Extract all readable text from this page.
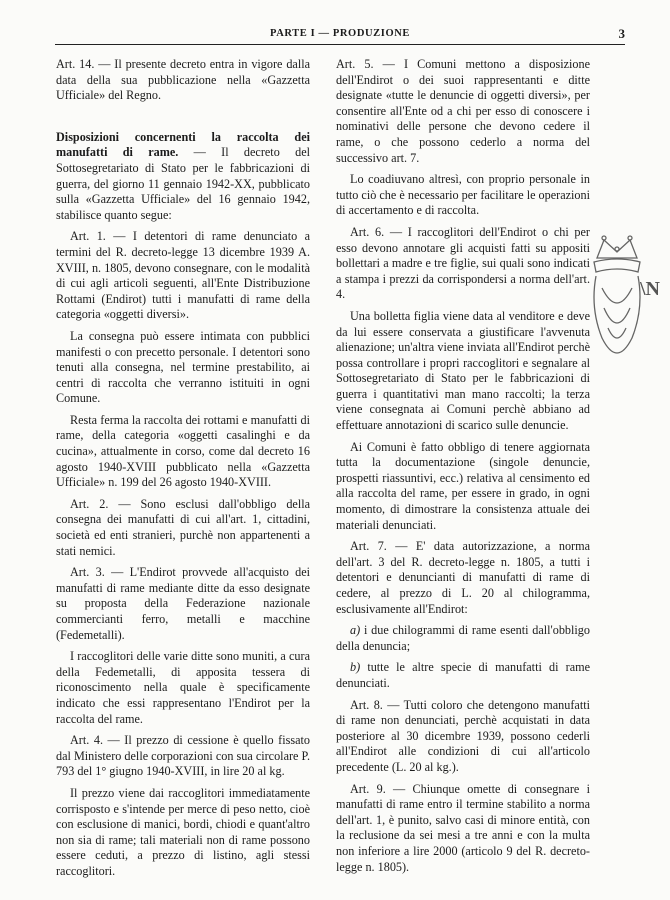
PARTE I — PRODUZIONE	3

Art. 14. — Il presente decreto entra in vigore dalla data della sua pubblicazione nella «Gazzetta Ufficiale» del Regno.

Disposizioni concernenti la raccolta dei manufatti di rame. — Il decreto del Sottosegretariato di Stato per le fabbricazioni di guerra, del giorno 11 gennaio 1942-XX, pubblicato sulla «Gazzetta Ufficiale» del 16 gennaio 1942, stabilisce quanto segue:

Art. 1. — I detentori di rame denunciato a termini del R. decreto-legge 13 dicembre 1939 A. XVIII, n. 1805, devono consegnare, con le modalità di cui agli articoli seguenti, all'Ente Distribuzione Rottami (Endirot) tutti i manufatti di rame della categoria «oggetti diversi».

La consegna può essere intimata con pubblici manifesti o con precetto personale. I detentori sono tenuti alla consegna, nel termine prestabilito, ai centri di raccolta che verranno istituiti in ogni Comune.

Resta ferma la raccolta dei rottami e manufatti di rame, della categoria «oggetti casalinghi e da cucina», attualmente in corso, come dal decreto 16 agosto 1940-XVIII pubblicato nella «Gazzetta Ufficiale» n. 199 del 26 agosto 1940-XVIII.

Art. 2. — Sono esclusi dall'obbligo della consegna dei manufatti di cui all'art. 1, cittadini, società ed enti stranieri, purchè non appartenenti a stati nemici.

Art. 3. — L'Endirot provvede all'acquisto dei manufatti di rame mediante ditte da esso designate su proposta della Federazione nazionale commercianti ferro, metalli e macchine (Fedemetalli).

I raccoglitori delle varie ditte sono muniti, a cura della Fedemetalli, di apposita tessera di riconoscimento nella quale è specificamente indicato che essi rappresentano l'Endirot per la raccolta del rame.

Art. 4. — Il prezzo di cessione è quello fissato dal Ministero delle corporazioni con sua circolare P. 793 del 1° giugno 1940-XVIII, in lire 20 al kg.

Il prezzo viene dai raccoglitori immediatamente corrisposto e s'intende per merce di peso netto, cioè con esclusione di manici, bordi, chiodi e quant'altro non sia di rame; tali materiali non di rame possono essere ceduti, a prezzo di listino, agli stessi raccoglitori.

Art. 5. — I Comuni mettono a disposizione dell'Endirot o dei suoi rappresentanti e ditte designate «tutte le denuncie di oggetti diversi», per consentire all'Ente od a chi per esso di conoscere i nominativi delle persone che devono cedere il rame, o che possono cederlo a norma del successivo art. 7.

Lo coadiuvano altresì, con proprio personale in tutto ciò che è necessario per facilitare le operazioni di accertamento e di raccolta.

Art. 6. — I raccoglitori dell'Endirot o chi per esso devono annotare gli acquisti fatti su appositi bollettari a madre e tre figlie, sui quali sono indicati a stampa i prezzi da corrispondersi a norma dell'art. 4.

Una bolletta figlia viene data al venditore e deve da lui essere conservata a giustificare l'avvenuta alienazione; un'altra viene inviata all'Endirot perchè possa controllare i propri raccoglitori e segnalare al Sottosegretariato di Stato per le fabbricazioni di guerra i quantitativi man mano raccolti; la terza viene consegnata ai Comuni perchè abbiano ad effettuare annotazioni di scarico sulle denuncie.

Ai Comuni è fatto obbligo di tenere aggiornata tutta la documentazione (singole denuncie, prospetti riassuntivi, ecc.) relativa al censimento ed alla raccolta del rame, per essere in grado, in ogni momento, di dimostrare la consistenza attuale dei materiali denunciati.

Art. 7. — E' data autorizzazione, a norma dell'art. 3 del R. decreto-legge n. 1805, a tutti i detentori e denuncianti di manufatti di rame di cedere, al prezzo di L. 20 al chilogramma, esclusivamente all'Endirot:

a) i due chilogrammi di rame esenti dall'obbligo della denuncia;

b) tutte le altre specie di manufatti di rame denunciati.

Art. 8. — Tutti coloro che detengono manufatti di rame non denunciati, perchè acquistati in data posteriore al 30 dicembre 1939, possono cederli all'Endirot alle condizioni di cui all'articolo precedente (L. 20 al kg.).

Art. 9. — Chiunque omette di consegnare i manufatti di rame entro il termine stabilito a norma dell'art. 1, è punito, salvo casi di minore entità, con la reclusione da sei mesi a tre anni e con la multa non inferiore a lire 2000 (articolo 9 del R. decreto-legge n. 1805).

\N
